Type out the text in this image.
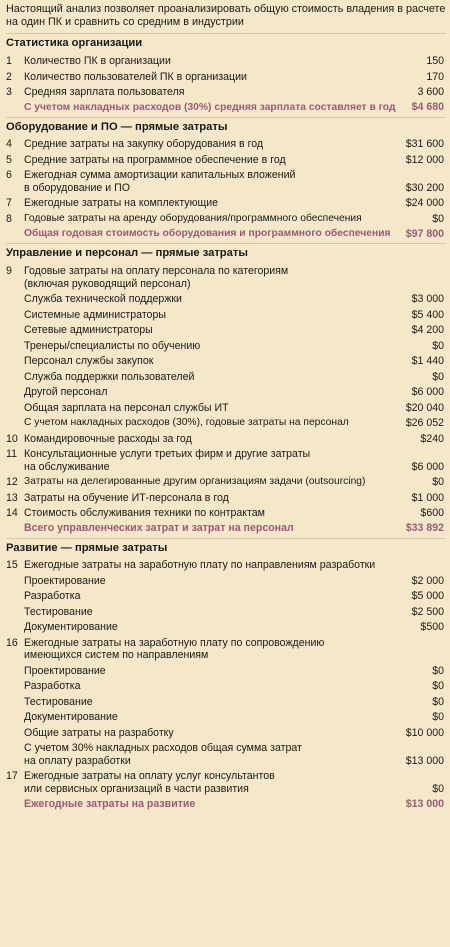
Настоящий анализ позволяет проанализировать общую стоимость владения в расчете на один ПК и сравнить со средним в индустрии
Статистика организации
1	Количество ПК в организации	150
2	Количество пользователей ПК в организации	170
3	Средняя зарплата пользователя	3 600
С учетом накладных расходов (30%) средняя зарплата составляет в год	$4 680
Оборудование и ПО — прямые затраты
4	Средние затраты на закупку оборудования в год	$31 600
5	Средние затраты на программное обеспечение в год	$12 000
6	Ежегодная сумма амортизации капитальных вложений
в оборудование и ПО	$30 200
7	Ежегодные затраты на комплектующие	$24 000
8	Годовые затраты на аренду оборудования/программного обеспечения	$0
Общая годовая стоимость оборудования и программного обеспечения	$97 800
Управление и персонал — прямые затраты
9	Годовые затраты на оплату персонала по категориям
(включая руководящий персонал)
Служба технической поддержки	$3 000
Системные администраторы	$5 400
Сетевые администраторы	$4 200
Тренеры/специалисты по обучению	$0
Персонал службы закупок	$1 440
Служба поддержки пользователей	$0
Другой персонал	$6 000
Общая зарплата на персонал службы ИТ	$20 040
С учетом накладных расходов (30%), годовые затраты на персонал	$26 052
10 Командировочные расходы за год	$240
11 Консультационные услуги третьих фирм и другие затраты
на обслуживание	$6 000
12 Затраты на делегированные другим организациям задачи (outsourcing)	$0
13 Затраты на обучение ИТ-персонала в год	$1 000
14 Стоимость обслуживания техники по контрактам	$600
Всего управленческих затрат и затрат на персонал	$33 892
Развитие — прямые затраты
15 Ежегодные затраты на заработную плату по направлениям разработки
Проектирование	$2 000
Разработка	$5 000
Тестирование	$2 500
Документирование	$500
16 Ежегодные затраты на заработную плату по сопровождению
имеющихся систем по направлениям
Проектирование	$0
Разработка	$0
Тестирование	$0
Документирование	$0
Общие затраты на разработку	$10 000
С учетом 30% накладных расходов общая сумма затрат
на оплату разработки	$13 000
17 Ежегодные затраты на оплату услуг консультантов
или сервисных организаций в части развития	$0
Ежегодные затраты на развитие	$13 000
